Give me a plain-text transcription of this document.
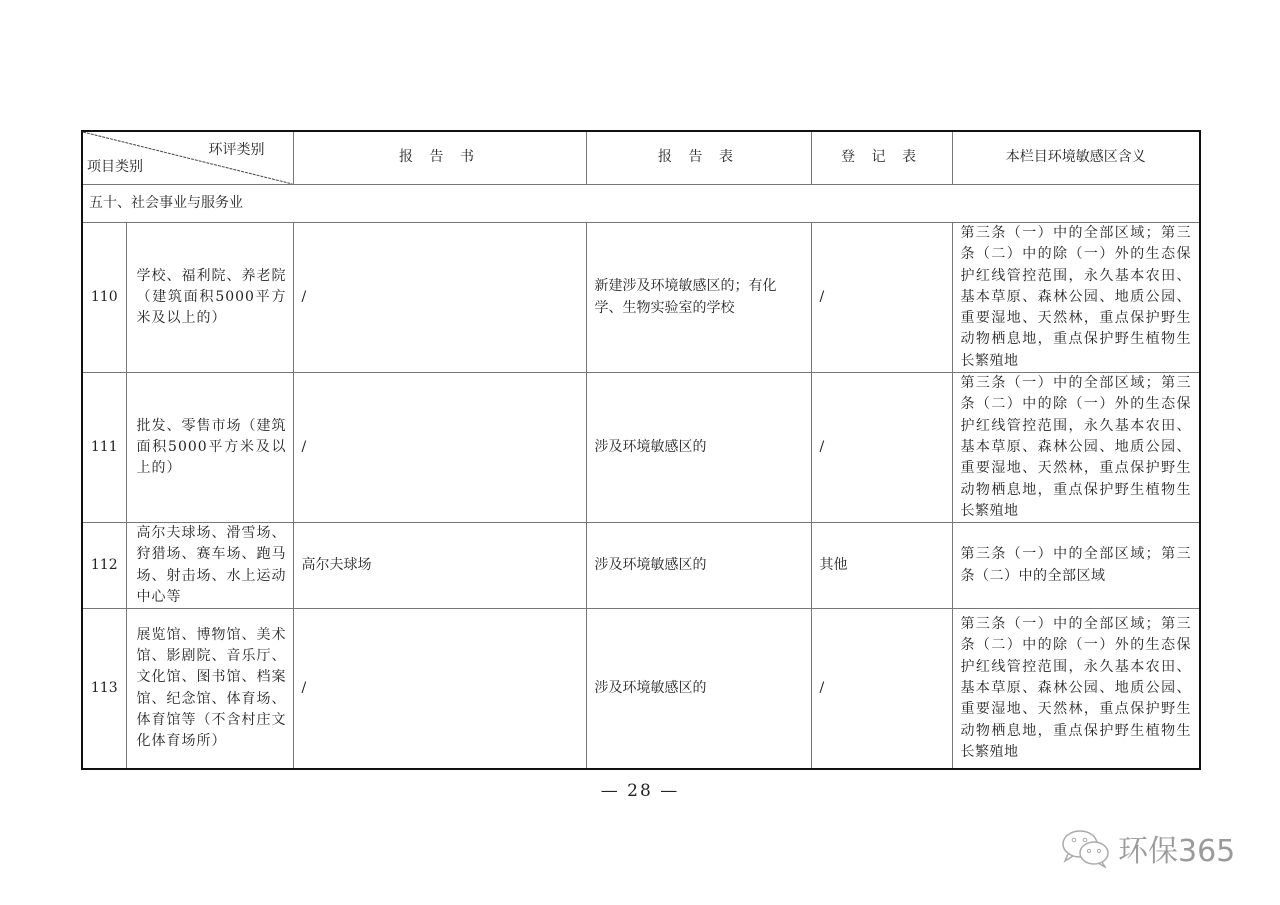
环评类别
项目类别		报 告 书	报 告 表	登 记 表	本栏目环境敏感区含义
五十、社会事业与服务业					
110	学校、福利院、养老院（建筑面积5000平方米及以上的）	/	新建涉及环境敏感区的；有化学、生物实验室的学校	/	第三条（一）中的全部区域；第三条（二）中的除（一）外的生态保护红线管控范围，永久基本农田、基本草原、森林公园、地质公园、重要湿地、天然林，重点保护野生动物栖息地，重点保护野生植物生长繁殖地
111	批发、零售市场（建筑面积5000平方米及以上的）	/	涉及环境敏感区的	/	第三条（一）中的全部区域；第三条（二）中的除（一）外的生态保护红线管控范围，永久基本农田、基本草原、森林公园、地质公园、重要湿地、天然林，重点保护野生动物栖息地，重点保护野生植物生长繁殖地
112	高尔夫球场、滑雪场、狩猎场、赛车场、跑马场、射击场、水上运动中心等	高尔夫球场	涉及环境敏感区的	其他	第三条（一）中的全部区域；第三条（二）中的全部区域
113	展览馆、博物馆、美术馆、影剧院、音乐厅、文化馆、图书馆、档案馆、纪念馆、体育场、体育馆等（不含村庄文化体育场所）	/	涉及环境敏感区的	/	第三条（一）中的全部区域；第三条（二）中的除（一）外的生态保护红线管控范围，永久基本农田、基本草原、森林公园、地质公园、重要湿地、天然林，重点保护野生动物栖息地，重点保护野生植物生长繁殖地
— 28 —
环保365
